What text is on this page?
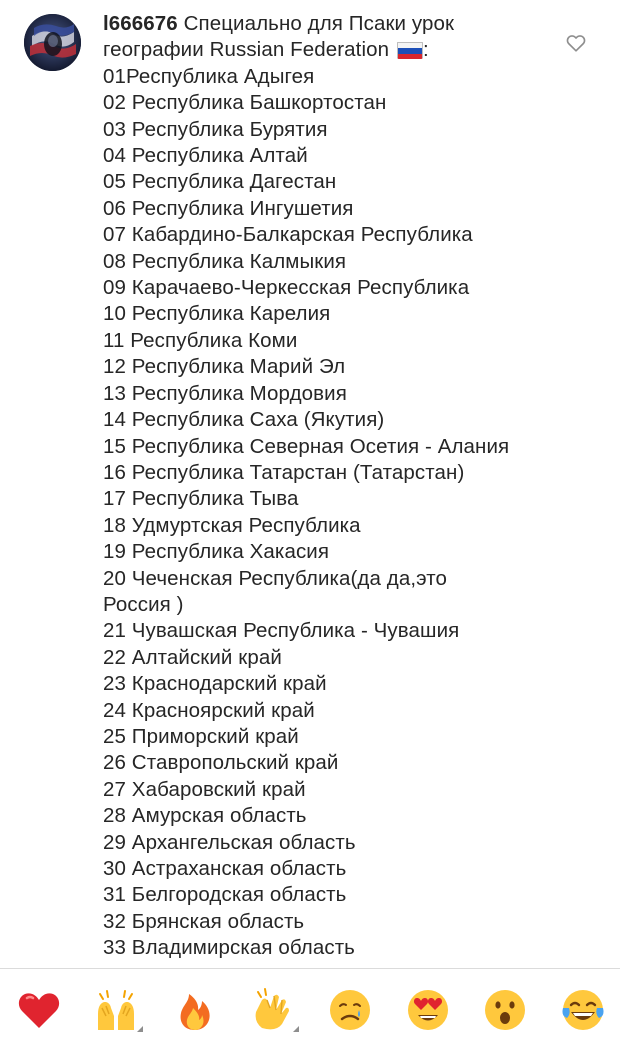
l666676 Специально для Псаки урок
географии Russian Federation :
01Республика Адыгея
02 Республика Башкортостан
03 Республика Бурятия
04 Республика Алтай
05 Республика Дагестан
06 Республика Ингушетия
07 Кабардино-Балкарская Республика
08 Республика Калмыкия
09 Карачаево-Черкесская Республика
10 Республика Карелия
11 Республика Коми
12 Республика Марий Эл
13 Республика Мордовия
14 Республика Саха (Якутия)
15 Республика Северная Осетия - Алания
16 Республика Татарстан (Татарстан)
17 Республика Тыва
18 Удмуртская Республика
19 Республика Хакасия
20 Чеченская Республика(да да,это
Россия )
21 Чувашская Республика - Чувашия
22 Алтайский край
23 Краснодарский край
24 Красноярский край
25 Приморский край
26 Ставропольский край
27 Хабаровский край
28 Амурская область
29 Архангельская область
30 Астраханская область
31 Белгородская область
32 Брянская область
33 Владимирская область
